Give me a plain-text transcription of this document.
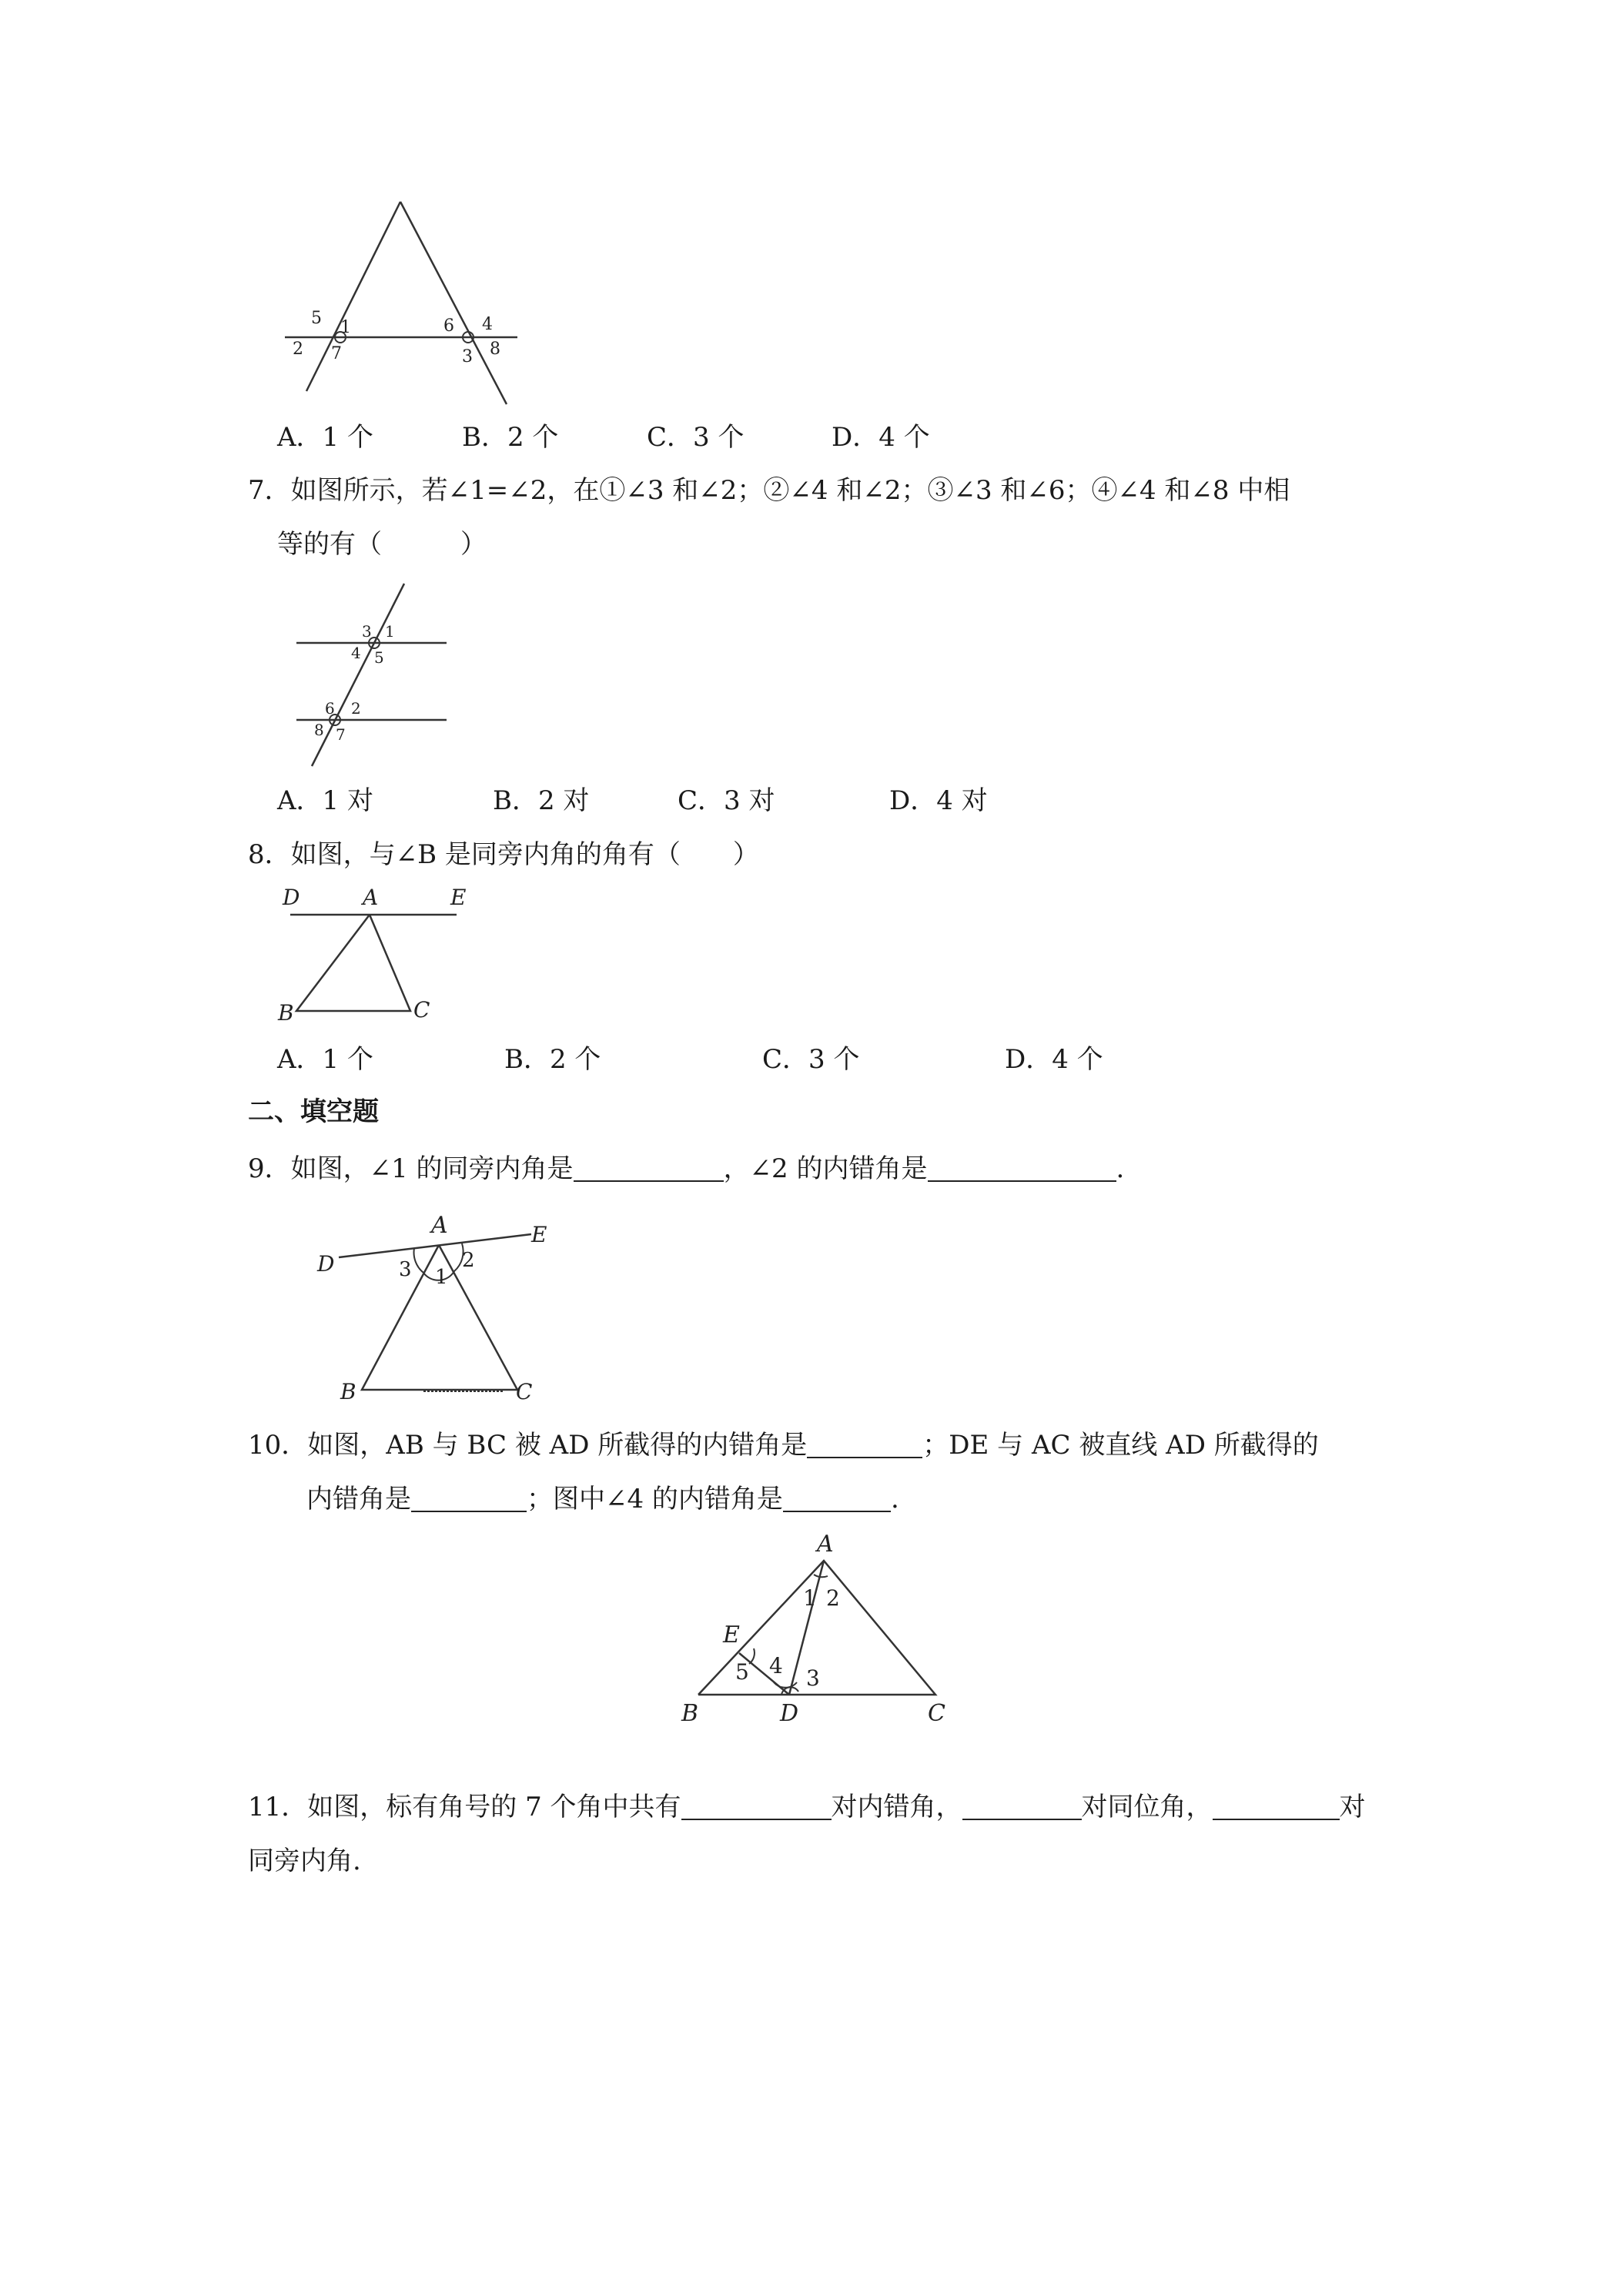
5 1
2 7
6 4
3 8
A．1 个	B．2 个	C．3 个	D．4 个
7．如图所示，若∠1=∠2，在①∠3 和∠2；②∠4 和∠2；③∠3 和∠6；④∠4 和∠8 中相
等的有（　　　）
3 1
4 5
6 2
8 7
A．1 对	B．2 对	C．3 对	D．4 对
8．如图，与∠B 是同旁内角的角有（　　）
D	A	E
B	C
A．1 个	B．2 个	C．3 个	D．4 个
二、填空题
9．如图，∠1 的同旁内角是	，∠2 的内错角是	.
A	E
D	3	2
1
B	C
10．如图，AB 与 BC 被 AD 所截得的内错角是	；DE 与 AC 被直线 AD 所截得的
内错角是	；图中∠4 的内错角是	.
A
1 2
E
5 4 3
B	D	C
11．如图，标有角号的 7 个角中共有	对内错角，	对同位角，	对
同旁内角.
